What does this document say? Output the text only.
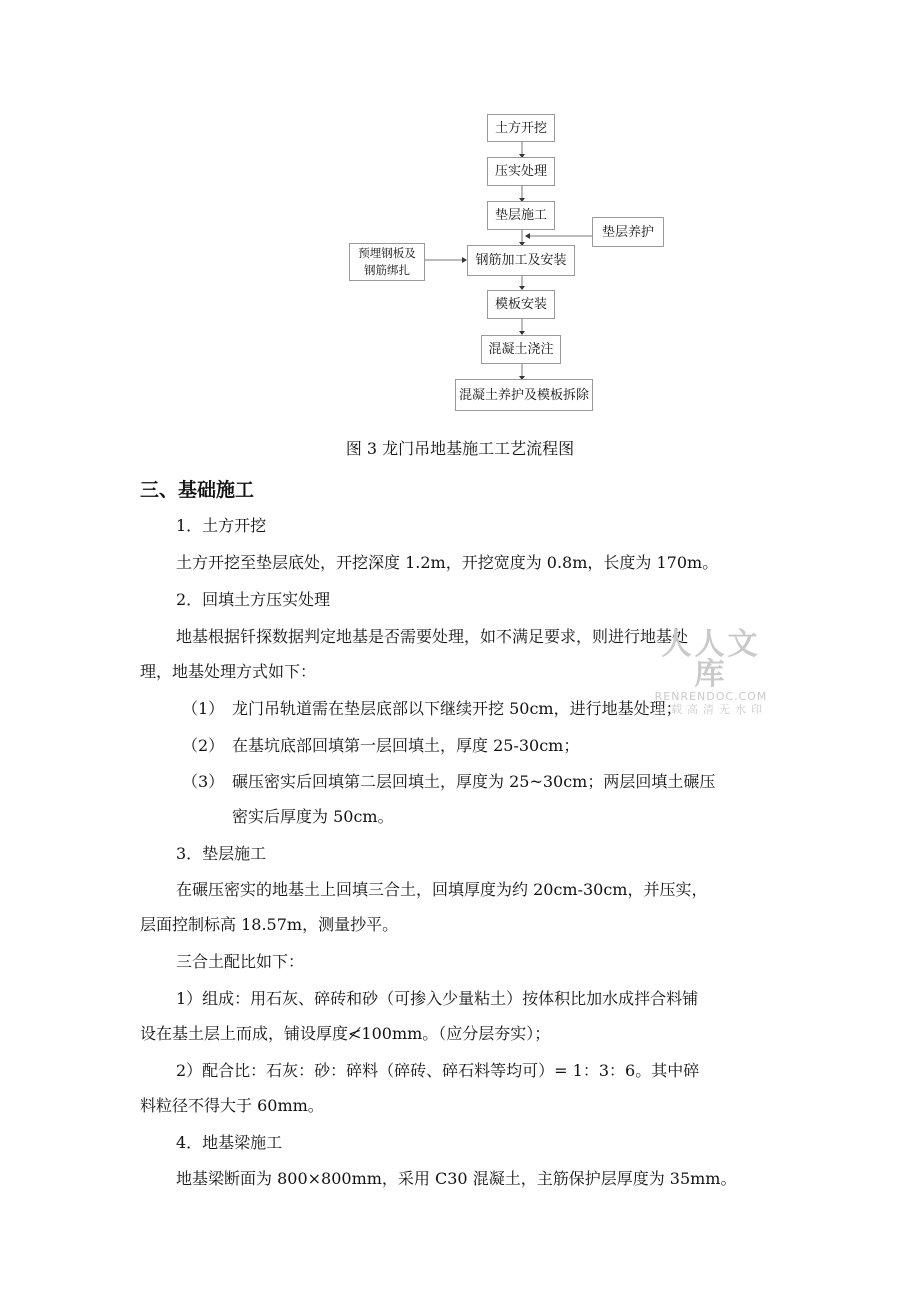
土方开挖
压实处理
垫层施工
钢筋加工及安装
模板安装
混凝土浇注
混凝土养护及模板拆除
垫层养护
预埋钢板及
钢筋绑扎
图 3 龙门吊地基施工工艺流程图
三、基础施工
1．土方开挖
土方开挖至垫层底处，开挖深度 1.2m，开挖宽度为 0.8m，长度为 170m。
2．回填土方压实处理
地基根据钎探数据判定地基是否需要处理，如不满足要求，则进行地基处
理，地基处理方式如下：
（1） 龙门吊轨道需在垫层底部以下继续开挖 50cm，进行地基处理；
（2） 在基坑底部回填第一层回填土，厚度 25-30cm；
（3） 碾压密实后回填第二层回填土，厚度为 25~30cm；两层回填土碾压
密实后厚度为 50cm。
3．垫层施工
在碾压密实的地基土上回填三合土，回填厚度为约 20cm-30cm，并压实，
层面控制标高 18.57m，测量抄平。
三合土配比如下：
1）组成：用石灰、碎砖和砂（可掺入少量粘土）按体积比加水成拌合料铺
设在基土层上而成，铺设厚度≮100mm。（应分层夯实）；
2）配合比：石灰：砂：碎料（碎砖、碎石料等均可）= 1：3：6。其中碎
料粒径不得大于 60mm。
4．地基梁施工
地基梁断面为 800×800mm，采用 C30 混凝土，主筋保护层厚度为 35mm。
人人文库
RENRENDOC.COM
下载高清无水印
